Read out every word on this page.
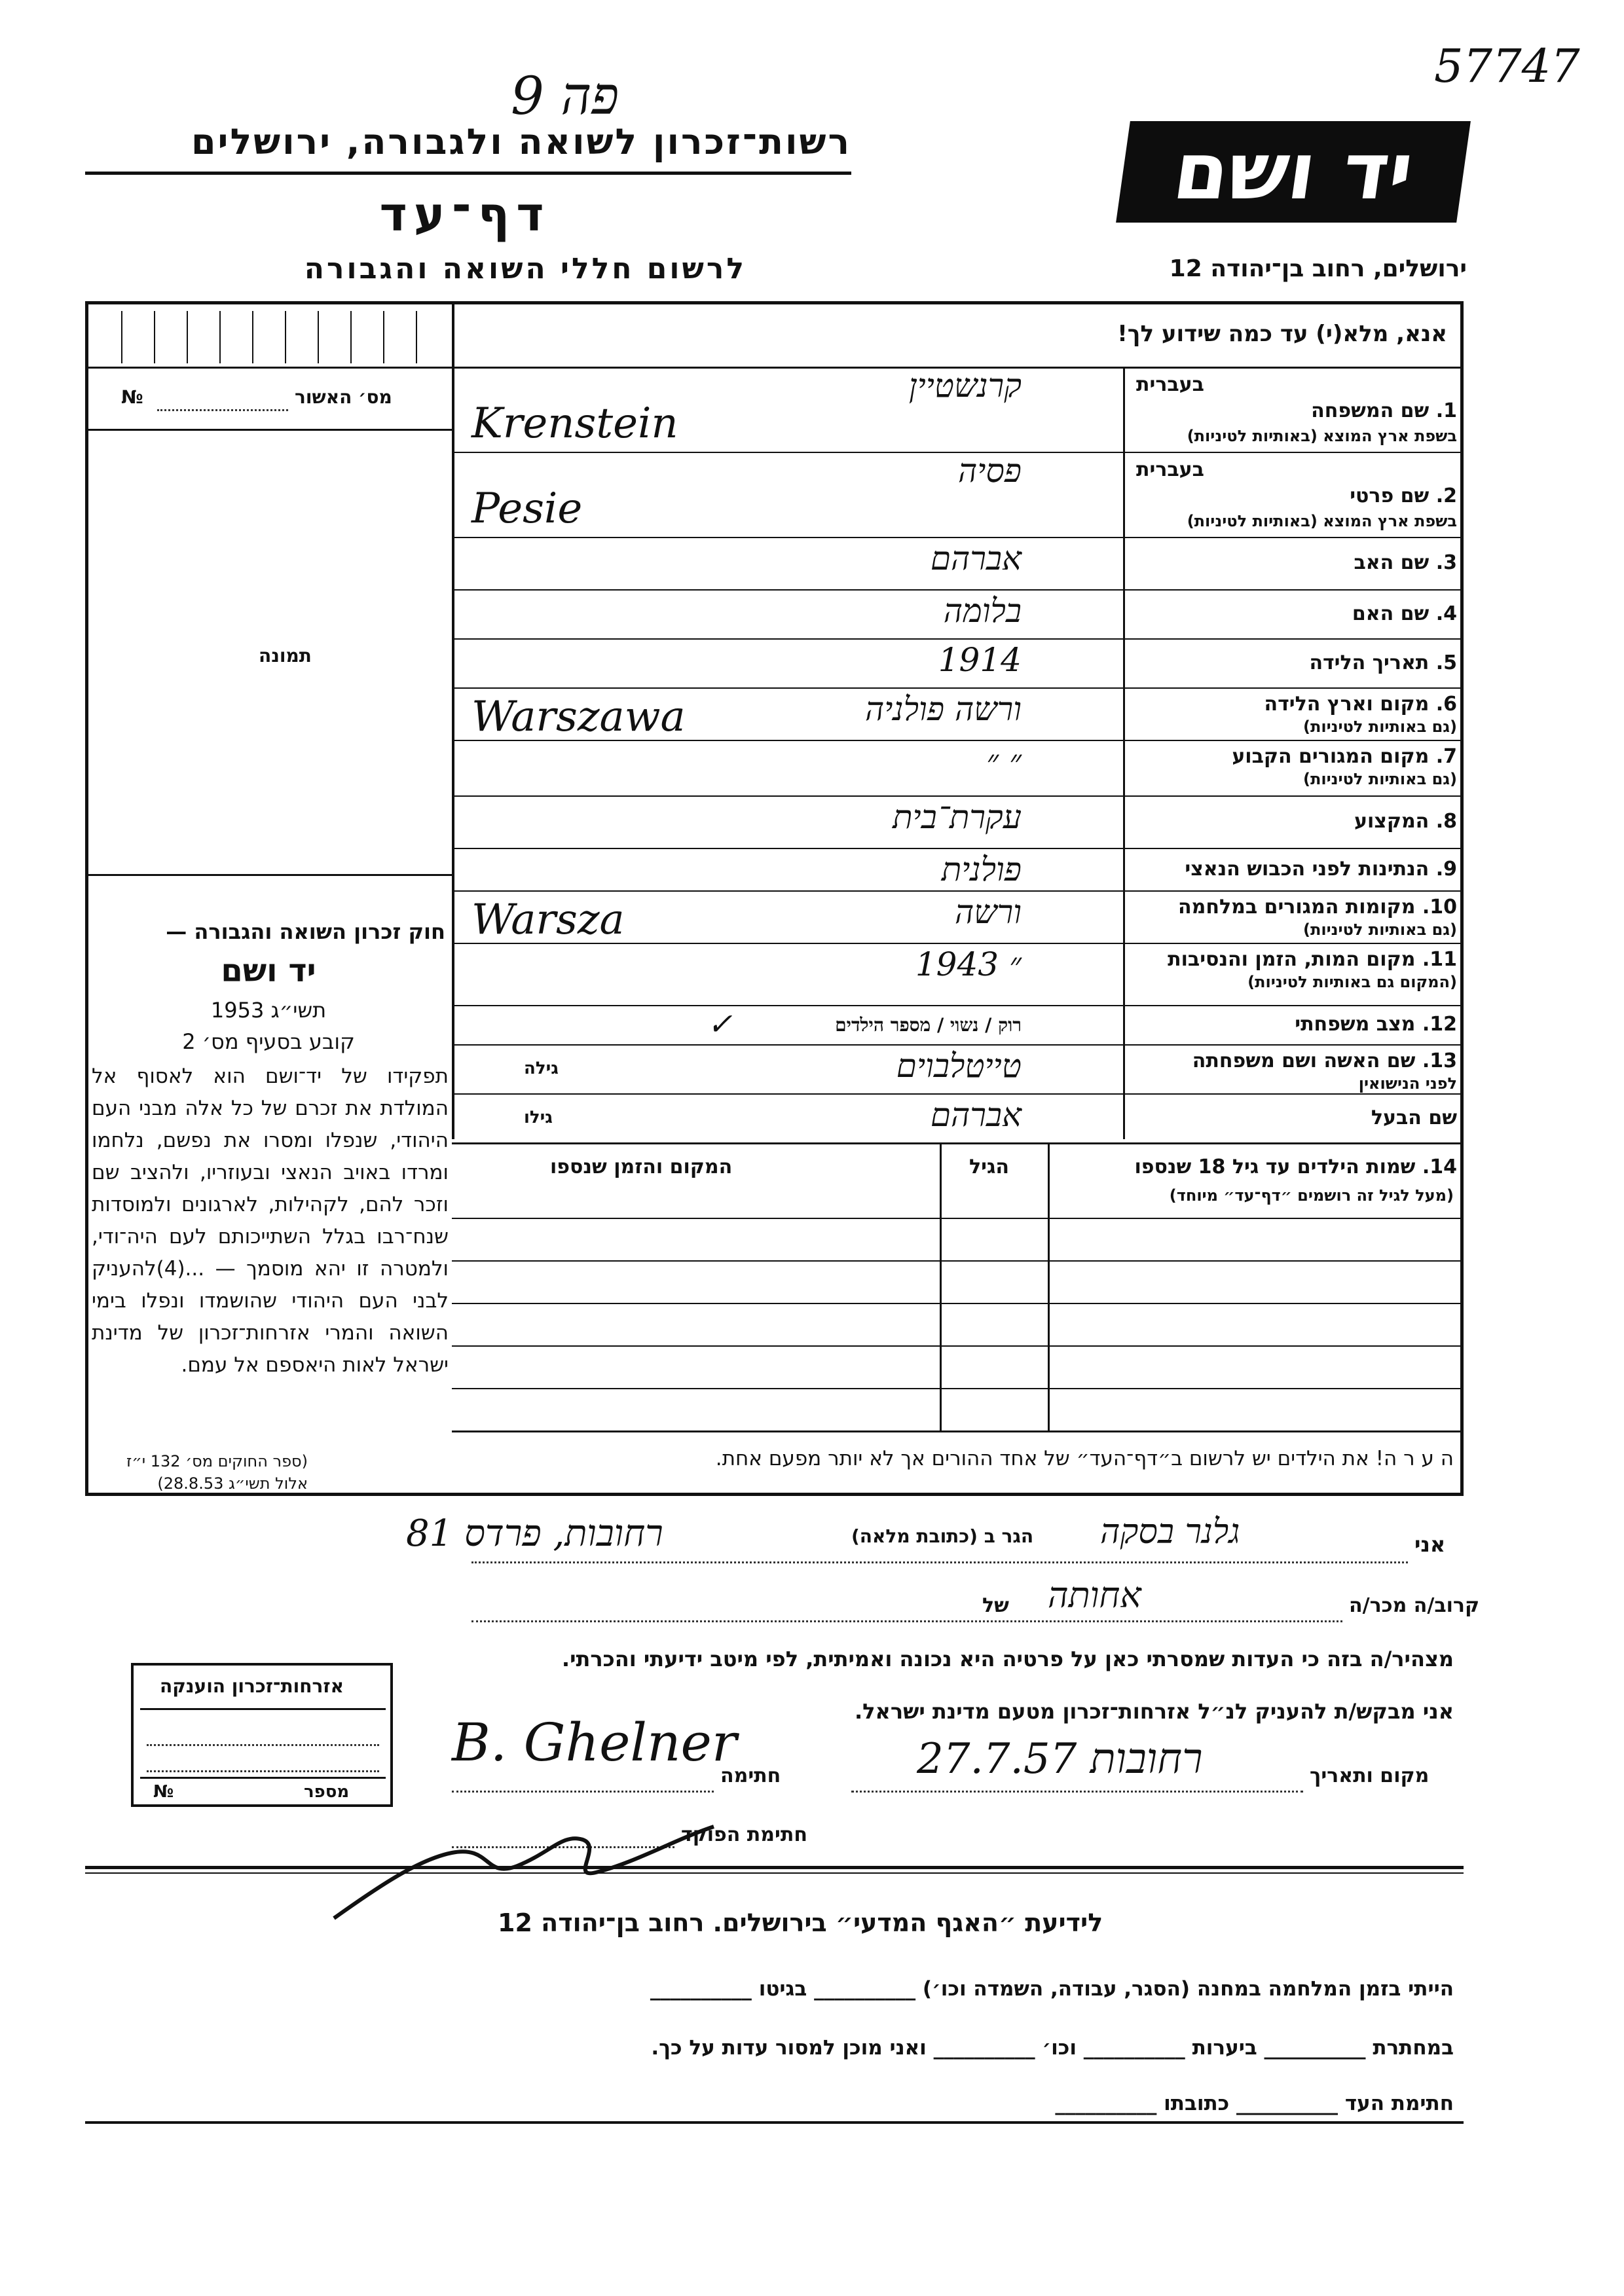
57747
פה 9
רשות־זכרון לשואה ולגבורה, ירושלים
דף־עד
לרשום חללי השואה והגבורה
יד ושם
ירושלים, רחוב בן־יהודה 12
אנא, מלא(י) עד כמה שידוע לך!
מס׳ האשור
№
תמונה
חוק זכרון השואה והגבורה —
יד ושם
תשי״ג 1953
קובע בסעיף מס׳ 2
תפקידו של יד־ושם הוא לאסוף אל המולדת את זכרם של כל אלה מבני העם היהודי, שנפלו ומסרו את נפשם, נלחמו ומרדו באויב הנאצי ובעוזריו, ולהציב שם וזכר להם, לקהילות, לארגונים ולמוסדות שנח־רבו בגלל השתייכותם לעם היה־ודי, ולמטרה זו יהא מוסמך — ...(4)להעניק לבני העם היהודי שהושמדו ונפלו בימי השואה והמרי אזרחות־זכרון של מדינת ישראל לאות היאספם אל עמם.
(ספר החוקים מס׳ 132 י״ז אלול תשי״ג 28.8.53)
1. שם המשפחה
בעברית
בשפת ארץ המוצא (באותיות לטיניות)
קרנשטיין
Krenstein
2. שם פרטי
בעברית
בשפת ארץ המוצא (באותיות לטיניות)
פסיה
Pesie
3. שם האב
אברהם
4. שם האם
בלומה
5. תאריך הלידה
1914
6. מקום וארץ הלידה
(גם באותיות לטיניות)
ורשה פולניה
Warszawa
7. מקום המגורים הקבוע
(גם באותיות לטיניות)
״ ״
8. המקצוע
עקרת־בית
9. הנתינות לפני הכבוש הנאצי
פולנית
10. מקומות המגורים במלחמה
(גם באותיות לטיניות)
ורשה
Warsza
11. מקום המות, הזמן והנסיבות
(המקום גם באותיות לטיניות)
״ 1943
12. מצב משפחתי
רוק / נשוי / מספר הילדים
✓
13. שם האשה ושם משפחתה
לפני הנישואין
טייטלבוים
גילה
שם הבעל
אברהם
גילו
14. שמות הילדים עד גיל 18 שנספו
(מעל לגיל זה רושמים ״דף־עד״ מיוחד)
הגיל
המקום והזמן שנספו
ה ע ר ה! את הילדים יש לרשום ב״דף־העד״ של אחד ההורים אך לא יותר מפעם אחת.
אני
גלנר בסקה
הגר ב (כתובת מלאה)
רחובות, פרדס 81
קרוב/ה מכר/ה
אחותה
של
מצהיר/ה בזה כי העדות שמסרתי כאן על פרטיה היא נכונה ואמיתית, לפי מיטב ידיעתי והכרתי.
אני מבקש/ת להעניק לנ״ל אזרחות־זכרון מטעם מדינת ישראל.
מקום ותאריך
רחובות 27.7.57
חתימה
B. Ghelner
חתימת הפוקד
אזרחות־זכרון הוענקה
מספר
№
לידיעת ״האגף המדעי״ בירושלים. רחוב בן־יהודה 12
הייתי בזמן המלחמה במחנה (הסגר, עבודה, השמדה וכו׳) __________ בגיטו __________
במחתרת __________ ביערות __________ וכו׳ __________ ואני מוכן למסור עדות על כך.
חתימת העד __________ כתובתו __________
